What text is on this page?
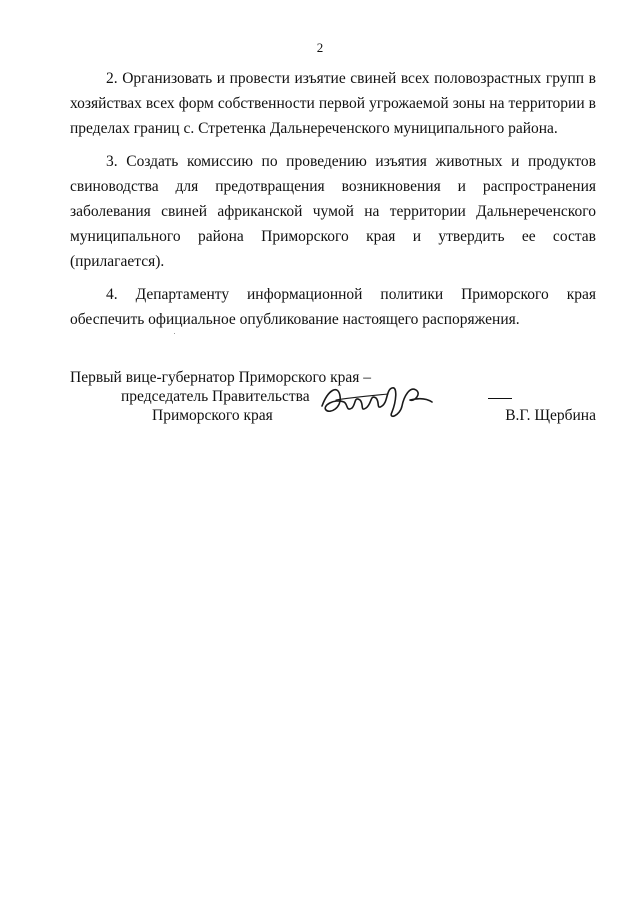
2

2. Организовать и провести изъятие свиней всех половозрастных групп в хозяйствах всех форм собственности первой угрожаемой зоны на территории в пределах границ с. Стретенка Дальнереченского муниципального района.

3. Создать комиссию по проведению изъятия животных и продуктов свиноводства для предотвращения возникновения и распространения заболевания свиней африканской чумой на территории Дальнереченского муниципального района Приморского края и утвердить ее состав (прилагается).

4. Департаменту информационной политики Приморского края обеспечить официальное опубликование настоящего распоряжения.

Первый вице-губернатор Приморского края –
председатель Правительства
Приморского края	В.Г. Щербина
